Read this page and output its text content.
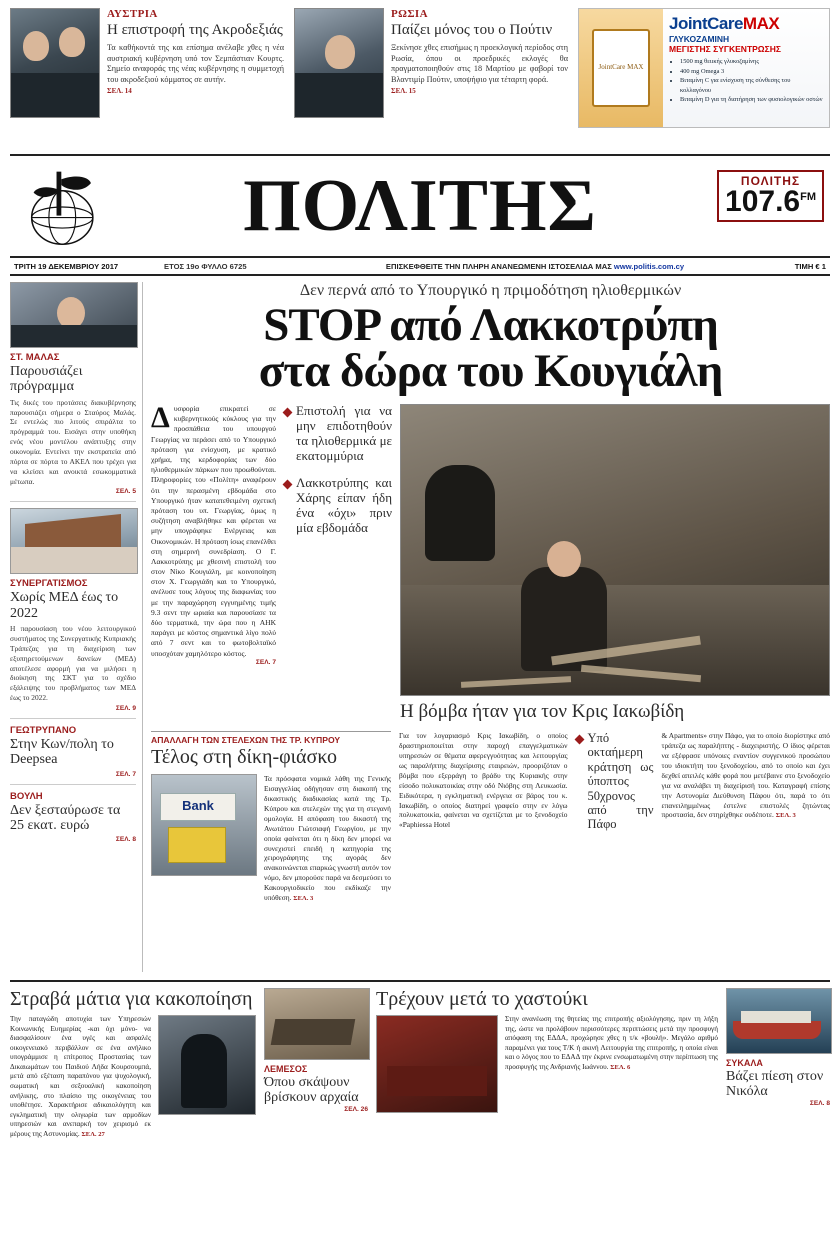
ΑΥΣΤΡΙΑ
Η επιστροφή της Ακροδεξιάς
Τα καθήκοντά της και επίσημα ανέλαβε χθες η νέα αυστριακή κυβέρνηση υπό τον Σεμπάστιαν Κουρτς. Σημείο αναφοράς της νέας κυβέρνησης η συμμετοχή του ακροδεξιού κόμματος σε αυτήν.
ΣΕΛ. 14
ΡΩΣΙΑ
Παίζει μόνος του ο Πούτιν
Ξεκίνησε χθες επισήμως η προεκλογική περίοδος στη Ρωσία, όπου οι προεδρικές εκλογές θα πραγματοποιηθούν στις 18 Μαρτίου με φαβορί τον Βλαντιμίρ Πούτιν, υποψήφιο για τέταρτη φορά.
ΣΕΛ. 15
JointCare MAX
JointCareMAX
ΓΛΥΚΟΖΑΜΙΝΗ
ΜΕΓΙΣΤΗΣ ΣΥΓΚΕΝΤΡΩΣΗΣ
• 1500 mg θειικής γλυκοζαμίνης
• 400 mg Omega 3
• Βιταμίνη C για ενίσχυση της σύνθεσης του κολλαγόνου
• Βιταμίνη D για τη διατήρηση των φυσιολογικών οστών
ΠΟΛΙΤΗΣ	ΠΟΛΙΤΗΣ
$107.6^{FM}$
ΤΡΙΤΗ 19 ΔΕΚΕΜΒΡΙΟΥ 2017	ΕΤΟΣ 19ο ΦΥΛΛΟ 6725	ΕΠΙΣΚΕΦΘΕΙΤΕ ΤΗΝ ΠΛΗΡΗ ΑΝΑΝΕΩΜΕΝΗ ΙΣΤΟΣΕΛΙΔΑ ΜΑΣ www.politis.com.cy	ΤΙΜΗ € 1
ΣΤ. ΜΑΛΑΣ
Παρουσιάζει πρόγραμμα
Τις δικές του προτάσεις διακυβέρνησης παρουσιάζει σήμερα ο Σταύρος Μαλάς. Σε εντελώς πιο λιτούς σπιράλτα το πρόγραμμά του. Εισάγει στην υποθήκη ενός νέου μοντέλου ανάπτυξης στην οικονομία. Εντείνει την εκστρατεία από πόρτα σε πόρτα το ΑΚΕΛ που τρέχει για να κλείσει και ανοικτά εσωκομματικά μέτωπα.
ΣΕΛ. 5
ΣΥΝΕΡΓΑΤΙΣΜΟΣ
Χωρίς ΜΕΔ έως το 2022
Η παρουσίαση του νέου λειτουργικού συστήματος της Συνεργατικής Κυπριακής Τράπεζας για τη διαχείριση των εξυπηρετούμενων δανείων (ΜΕΔ) αποτέλεσε αφορμή για να μιλήσει η διοίκηση της ΣΚΤ για το σχέδιο εξάλειψης του προβλήματος των ΜΕΔ έως το 2022.
ΣΕΛ. 9
ΓΕΩΤΡΥΠΑΝΟ
Στην Κων/πολη το Deepsea
ΣΕΛ. 7
ΒΟΥΛΗ
Δεν ξεσταύρωσε τα 25 εκατ. ευρώ
ΣΕΛ. 8
Δεν περνά από το Υπουργικό η πριμοδότηση ηλιοθερμικών
STOP από Λακκοτρύπη
στα δώρα του Κουγιάλη
Δ υσφορία επικρατεί σε κυβερνητικούς κύκλους για την προσπάθεια του υπουργού Γεωργίας να περάσει από το Υπουργικό πρόταση για ενίσχυση, με κρατικό χρήμα, της κερδοφορίας των δύο ηλιοθερμικών πάρκων που προωθούνται. Πληροφορίες του «Πολίτη» αναφέρουν ότι την περασμένη εβδομάδα στο Υπουργικό ήταν κατατεθειμένη σχετική πρόταση του υπ. Γεωργίας, όμως η συζήτηση αναβλήθηκε και φέρεται να μην υπογράφηκε Ενέργειας και Οικονομικών. Η πρόταση ίσως επανέλθει στη σημερινή συνεδρίαση. Ο Γ. Λακκοτρύπης με χθεσινή επιστολή του στον Νίκο Κουγιάλη, με κοινοποίηση στον Χ. Γεωργιάδη και το Υπουργικό, ανέλυσε τους λόγους της διαφωνίας του με την παραχώρηση εγγυημένης τιμής 9.3 σεντ την ωριαία και παρουσίασε τα δύο τερματικά, την ώρα που η ΑΗΚ παράγει με κόστος σημαντικά λίγο πολύ από 7 σεντ και το φωτοβολταϊκό υποσχόταν χαμηλότερο κόστος.
ΣΕΛ. 7
Επιστολή για να μην επιδοτηθούν τα ηλιοθερμικά με εκατομμύρια
Λακκοτρύπης και Χάρης είπαν ήδη ένα «όχι» πριν μία εβδομάδα
Η βόμβα ήταν για τον Κρις Ιακωβίδη
ΑΠΑΛΛΑΓΗ ΤΩΝ ΣΤΕΛΕΧΩΝ ΤΗΣ ΤΡ. ΚΥΠΡΟΥ
Τέλος στη δίκη-φιάσκο
Bank
Τα πρόσφατα νομικά λάθη της Γενικής Εισαγγελίας οδήγησαν στη διακοπή της δικαστικής διαδικασίας κατά της Τρ. Κύπρου και στελεχών της για τη στεγανή ομολογία. Η απόφαση του δικαστή της Ανωτάτου Γιώτσιαφή Γεωργίου, με την οποία φαίνεται ότι η δίκη δεν μπορεί να συνεχιστεί επειδή η κατηγορία της χειρογράφητης της αγοράς δεν ανακοινώνεται επαρκώς γνωστή αυτόν τον νόμο, δεν μπορούσε παρά να δεσμεύσει το Κακουργιοδικείο που εκδίκαζε την υπόθεση. ΣΕΛ. 3
Για τον λογαριασμό Κρις Ιακωβίδη, ο οποίος δραστηριοποιείται στην παροχή επαγγελματικών υπηρεσιών σε θέματα αφερεγγυότητας και λειτουργίας ως παραλήπτης διαχείρισης εταιρειών, προοριζόταν ο βόμβα που εξερράγη το βράδυ της Κυριακής στην είσοδο πολυκατοικίας στην οδό Νιόβης στη Λευκωσία. Ειδικότερα, η εγκληματική ενέργεια σε βάρος του κ. Ιακωβίδη, ο οποίος διατηρεί γραφείο στην εν λόγω πολυκατοικία, φαίνεται να σχετίζεται με το ξενοδοχείο «Paphiessa Hotel
Υπό οκταήμερη κράτηση ως ύποπτος 50χρονος από την Πάφο
& Apartments» στην Πάφο, για το οποίο διορίστηκε από τράπεζα ως παραλήπτης - διαχειριστής. Ο ίδιος φέρεται να εξέφρασε υπόνοιες εναντίον συγγενικού προσώπου του ιδιοκτήτη του ξενοδοχείου, από το οποίο και έχει δεχθεί απειλές κάθε φορά που μετέβαινε στο ξενοδοχείο για να αναλάβει τη διαχείρισή του. Καταγραφή επίσης την Αστυνομία Διεύθυνση Πάφου ότι, παρά το ότι επανειλημμένως έστελνε επιστολές ζητώντας προστασία, δεν στηρίχθηκε ουδέποτε. ΣΕΛ. 3
Στραβά μάτια για κακοποίηση
Την παταγώδη αποτυχία των Υπηρεσιών Κοινωνικής Ευημερίας -και όχι μόνο- να διασφαλίσουν ένα υγές και ασφαλές οικογενειακό περιβάλλον σε ένα ανήλικο υπογράμμισε η επίτροπος Προστασίας των Δικαιωμάτων του Παιδιού Λήδα Κουρσουμπά, μετά από εξέταση παραπόνου για ψυχολογική, σωματική και σεξουαλική κακοποίηση ανήλικης, στο πλαίσιο της οικογένειας του υποθέτησε. Χαρακτήρισε αδικαιολόγητη και εγκληματική την ολιγωρία των αρμοδίων υπηρεσιών και ανεπαρκή τον χειρισμό εκ μέρους της Αστυνομίας. ΣΕΛ. 27
ΛΕΜΕΣΟΣ
Όπου σκάψουν βρίσκουν αρχαία
ΣΕΛ. 26
Τρέχουν μετά το χαστούκι
Στην ανανέωση της θητείας της επιτροπής αξιολόγησης, πριν τη λήξη της, ώστε να προλάβουν περισσότερες περιπτώσεις μετά την προσφυγή απόφαση της ΕΔΔΑ, προχώρησε χθες η τ/κ «βουλή». Μεγάλο αριθμό παραμένει για τους Τ/Κ ή ακινή Λειτουργία της επιτροπής, η οποία είναι και ο λόγος που το ΕΔΑΔ την έκρινε ενσωματωμένη στην περίπτωση της προσφυγής της Ανδριανής Ιωάννου. ΣΕΛ. 6	ΣΥΚΑΛΑ
Βάζει πίεση στον Νικόλα
ΣΕΛ. 8
